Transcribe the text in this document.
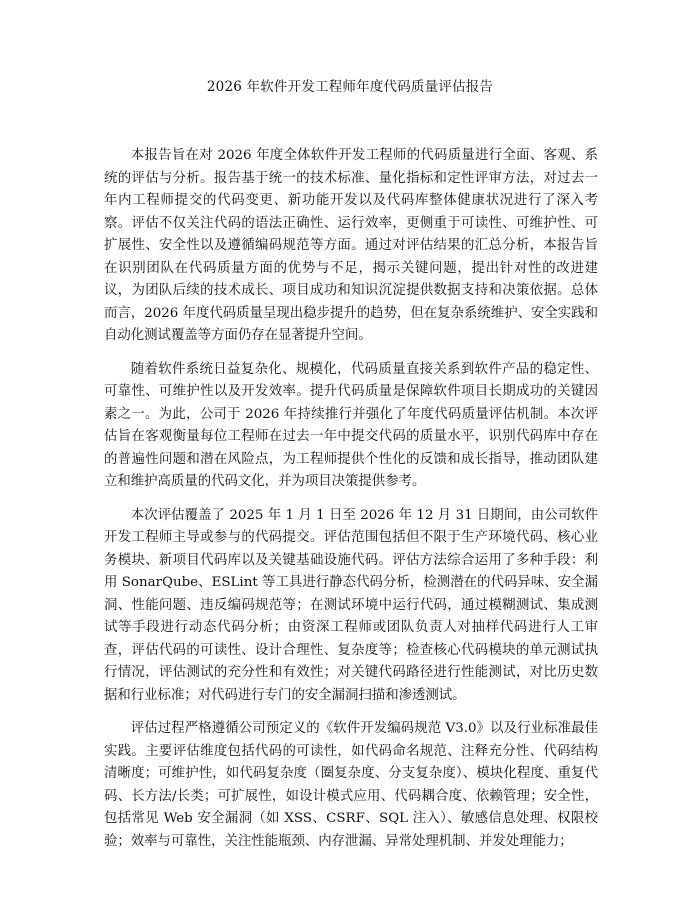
2026 年软件开发工程师年度代码质量评估报告

本报告旨在对 2026 年度全体软件开发工程师的代码质量进行全面、客观、系统的评估与分析。报告基于统一的技术标准、量化指标和定性评审方法，对过去一年内工程师提交的代码变更、新功能开发以及代码库整体健康状况进行了深入考察。评估不仅关注代码的语法正确性、运行效率，更侧重于可读性、可维护性、可扩展性、安全性以及遵循编码规范等方面。通过对评估结果的汇总分析，本报告旨在识别团队在代码质量方面的优势与不足，揭示关键问题，提出针对性的改进建议，为团队后续的技术成长、项目成功和知识沉淀提供数据支持和决策依据。总体而言，2026 年度代码质量呈现出稳步提升的趋势，但在复杂系统维护、安全实践和自动化测试覆盖等方面仍存在显著提升空间。

随着软件系统日益复杂化、规模化，代码质量直接关系到软件产品的稳定性、可靠性、可维护性以及开发效率。提升代码质量是保障软件项目长期成功的关键因素之一。为此，公司于 2026 年持续推行并强化了年度代码质量评估机制。本次评估旨在客观衡量每位工程师在过去一年中提交代码的质量水平，识别代码库中存在的普遍性问题和潜在风险点，为工程师提供个性化的反馈和成长指导，推动团队建立和维护高质量的代码文化，并为项目决策提供参考。

本次评估覆盖了 2025 年 1 月 1 日至 2026 年 12 月 31 日期间，由公司软件开发工程师主导或参与的代码提交。评估范围包括但不限于生产环境代码、核心业务模块、新项目代码库以及关键基础设施代码。评估方法综合运用了多种手段：利用 SonarQube、ESLint 等工具进行静态代码分析，检测潜在的代码异味、安全漏洞、性能问题、违反编码规范等；在测试环境中运行代码，通过模糊测试、集成测试等手段进行动态代码分析；由资深工程师或团队负责人对抽样代码进行人工审查，评估代码的可读性、设计合理性、复杂度等；检查核心代码模块的单元测试执行情况，评估测试的充分性和有效性；对关键代码路径进行性能测试，对比历史数据和行业标准；对代码进行专门的安全漏洞扫描和渗透测试。

评估过程严格遵循公司预定义的《软件开发编码规范 V3.0》以及行业标准最佳实践。主要评估维度包括代码的可读性，如代码命名规范、注释充分性、代码结构清晰度；可维护性，如代码复杂度（圈复杂度、分支复杂度）、模块化程度、重复代码、长方法/长类；可扩展性，如设计模式应用、代码耦合度、依赖管理；安全性，包括常见 Web 安全漏洞（如 XSS、CSRF、SQL 注入）、敏感信息处理、权限校验；效率与可靠性，关注性能瓶颈、内存泄漏、异常处理机制、并发处理能力；
